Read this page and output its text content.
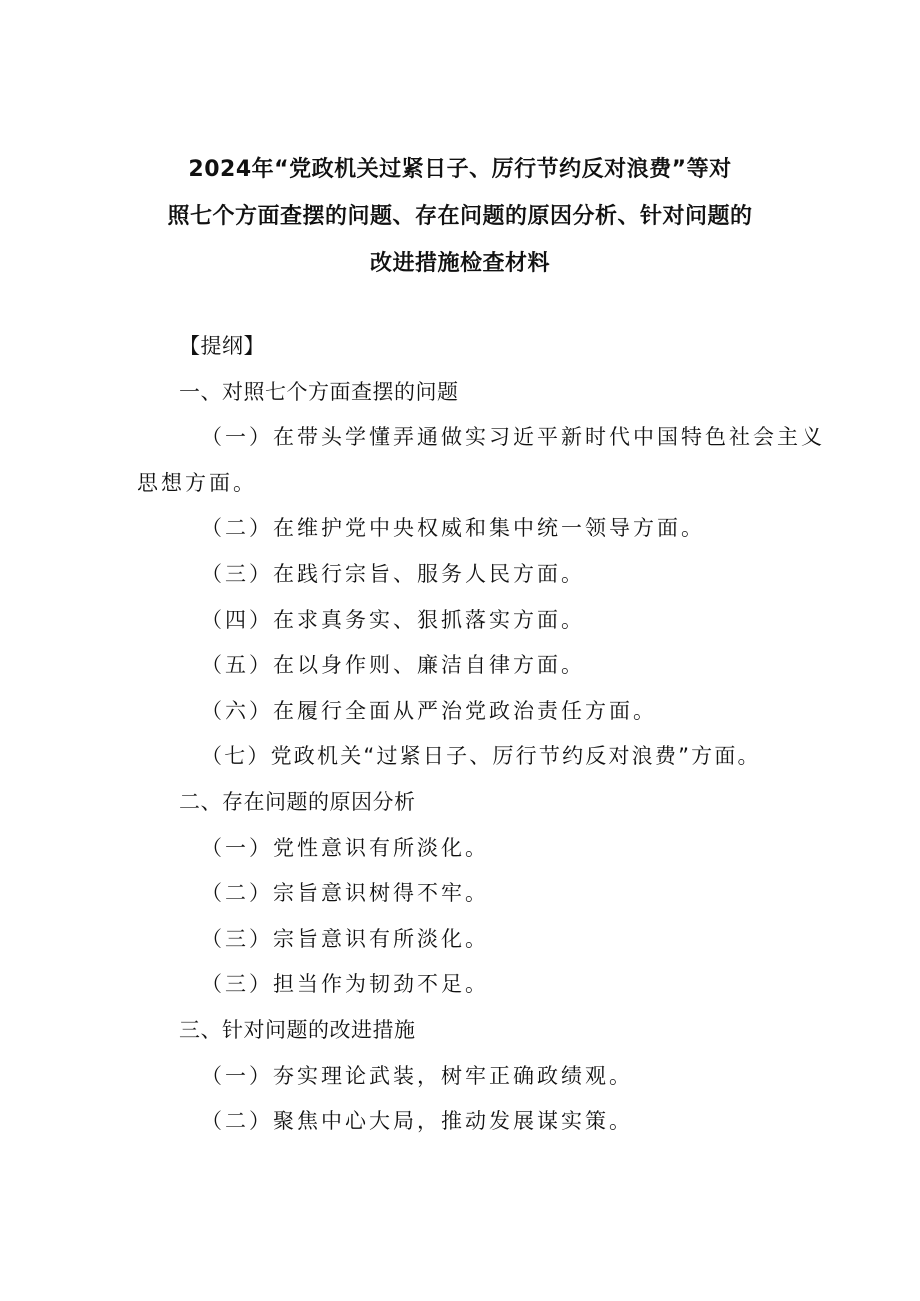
2024年“党政机关过紧日子、厉行节约反对浪费”等对
照七个方面查摆的问题、存在问题的原因分析、针对问题的
改进措施检查材料
【提纲】
一、对照七个方面查摆的问题
（一）在带头学懂弄通做实习近平新时代中国特色社会主义
思想方面。
（二）在维护党中央权威和集中统一领导方面。
（三）在践行宗旨、服务人民方面。
（四）在求真务实、狠抓落实方面。
（五）在以身作则、廉洁自律方面。
（六）在履行全面从严治党政治责任方面。
（七）党政机关“过紧日子、厉行节约反对浪费”方面。
二、存在问题的原因分析
（一）党性意识有所淡化。
（二）宗旨意识树得不牢。
（三）宗旨意识有所淡化。
（三）担当作为韧劲不足。
三、针对问题的改进措施
（一）夯实理论武装，树牢正确政绩观。
（二）聚焦中心大局，推动发展谋实策。
